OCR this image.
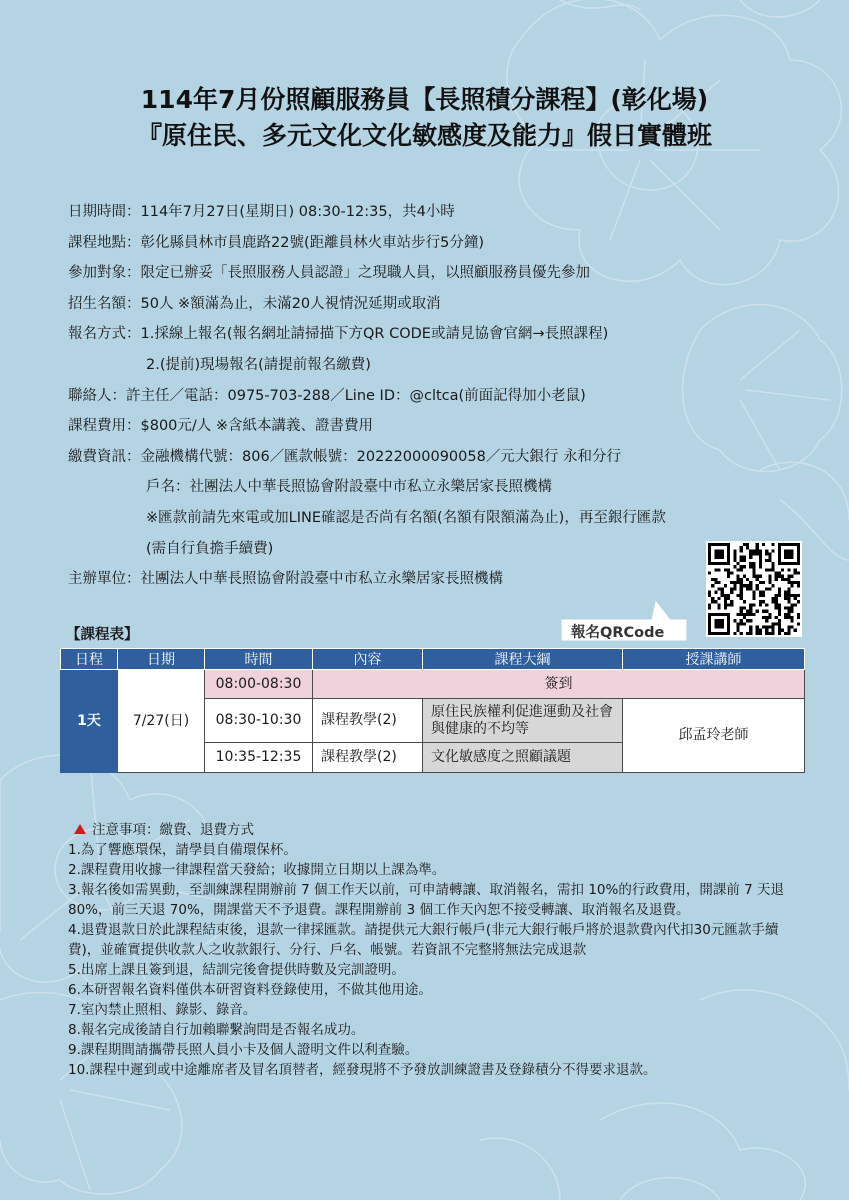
114年7月份照顧服務員【長照積分課程】(彰化場)
『原住民、多元文化文化敏感度及能力』假日實體班
日期時間：114年7月27日(星期日) 08:30-12:35，共4小時
課程地點：彰化縣員林市員鹿路22號(距離員林火車站步行5分鐘)
參加對象：限定已辦妥「長照服務人員認證」之現職人員，以照顧服務員優先參加
招生名額：50人 ※額滿為止，未滿20人視情況延期或取消
報名方式：1.採線上報名(報名網址請掃描下方QR CODE或請見協會官網→長照課程)
2.(提前)現場報名(請提前報名繳費)
聯絡人：許主任／電話：0975-703-288／Line ID：@cltca(前面記得加小老鼠)
課程費用：$800元/人 ※含紙本講義、證書費用
繳費資訊：金融機構代號：806／匯款帳號：20222000090058／元大銀行 永和分行
戶名：社團法人中華長照協會附設臺中市私立永樂居家長照機構
※匯款前請先來電或加LINE確認是否尚有名額(名額有限額滿為止)，再至銀行匯款
(需自行負擔手續費)
主辦單位：社團法人中華長照協會附設臺中市私立永樂居家長照機構
報名QRCode
【課程表】
日程	日期	時間	內容	課程大綱	授課講師
1天	7/27(日)	08:00-08:30	簽到		
		08:30-10:30	課程教學(2)	原住民族權利促進運動及社會與健康的不均等	邱孟玲老師
		10:35-12:35	課程教學(2)	文化敏感度之照顧議題	
注意事項：繳費、退費方式
1.為了響應環保，請學員自備環保杯。
2.課程費用收據一律課程當天發給；收據開立日期以上課為準。
3.報名後如需異動，至訓練課程開辦前 7 個工作天以前，可申請轉讓、取消報名，需扣 10%的行政費用，開課前 7 天退 80%，前三天退 70%，開課當天不予退費。課程開辦前 3 個工作天內恕不接受轉讓、取消報名及退費。
4.退費退款日於此課程結束後，退款一律採匯款。請提供元大銀行帳戶(非元大銀行帳戶將於退款費內代扣30元匯款手續費)，並確實提供收款人之收款銀行、分行、戶名、帳號。若資訊不完整將無法完成退款
5.出席上課且簽到退，結訓完後會提供時數及完訓證明。
6.本研習報名資料僅供本研習資料登錄使用，不做其他用途。
7.室內禁止照相、錄影、錄音。
8.報名完成後請自行加賴聯繫詢問是否報名成功。
9.課程期間請攜帶長照人員小卡及個人證明文件以利查驗。
10.課程中遲到或中途離席者及冒名頂替者，經發現將不予發放訓練證書及登錄積分不得要求退款。
